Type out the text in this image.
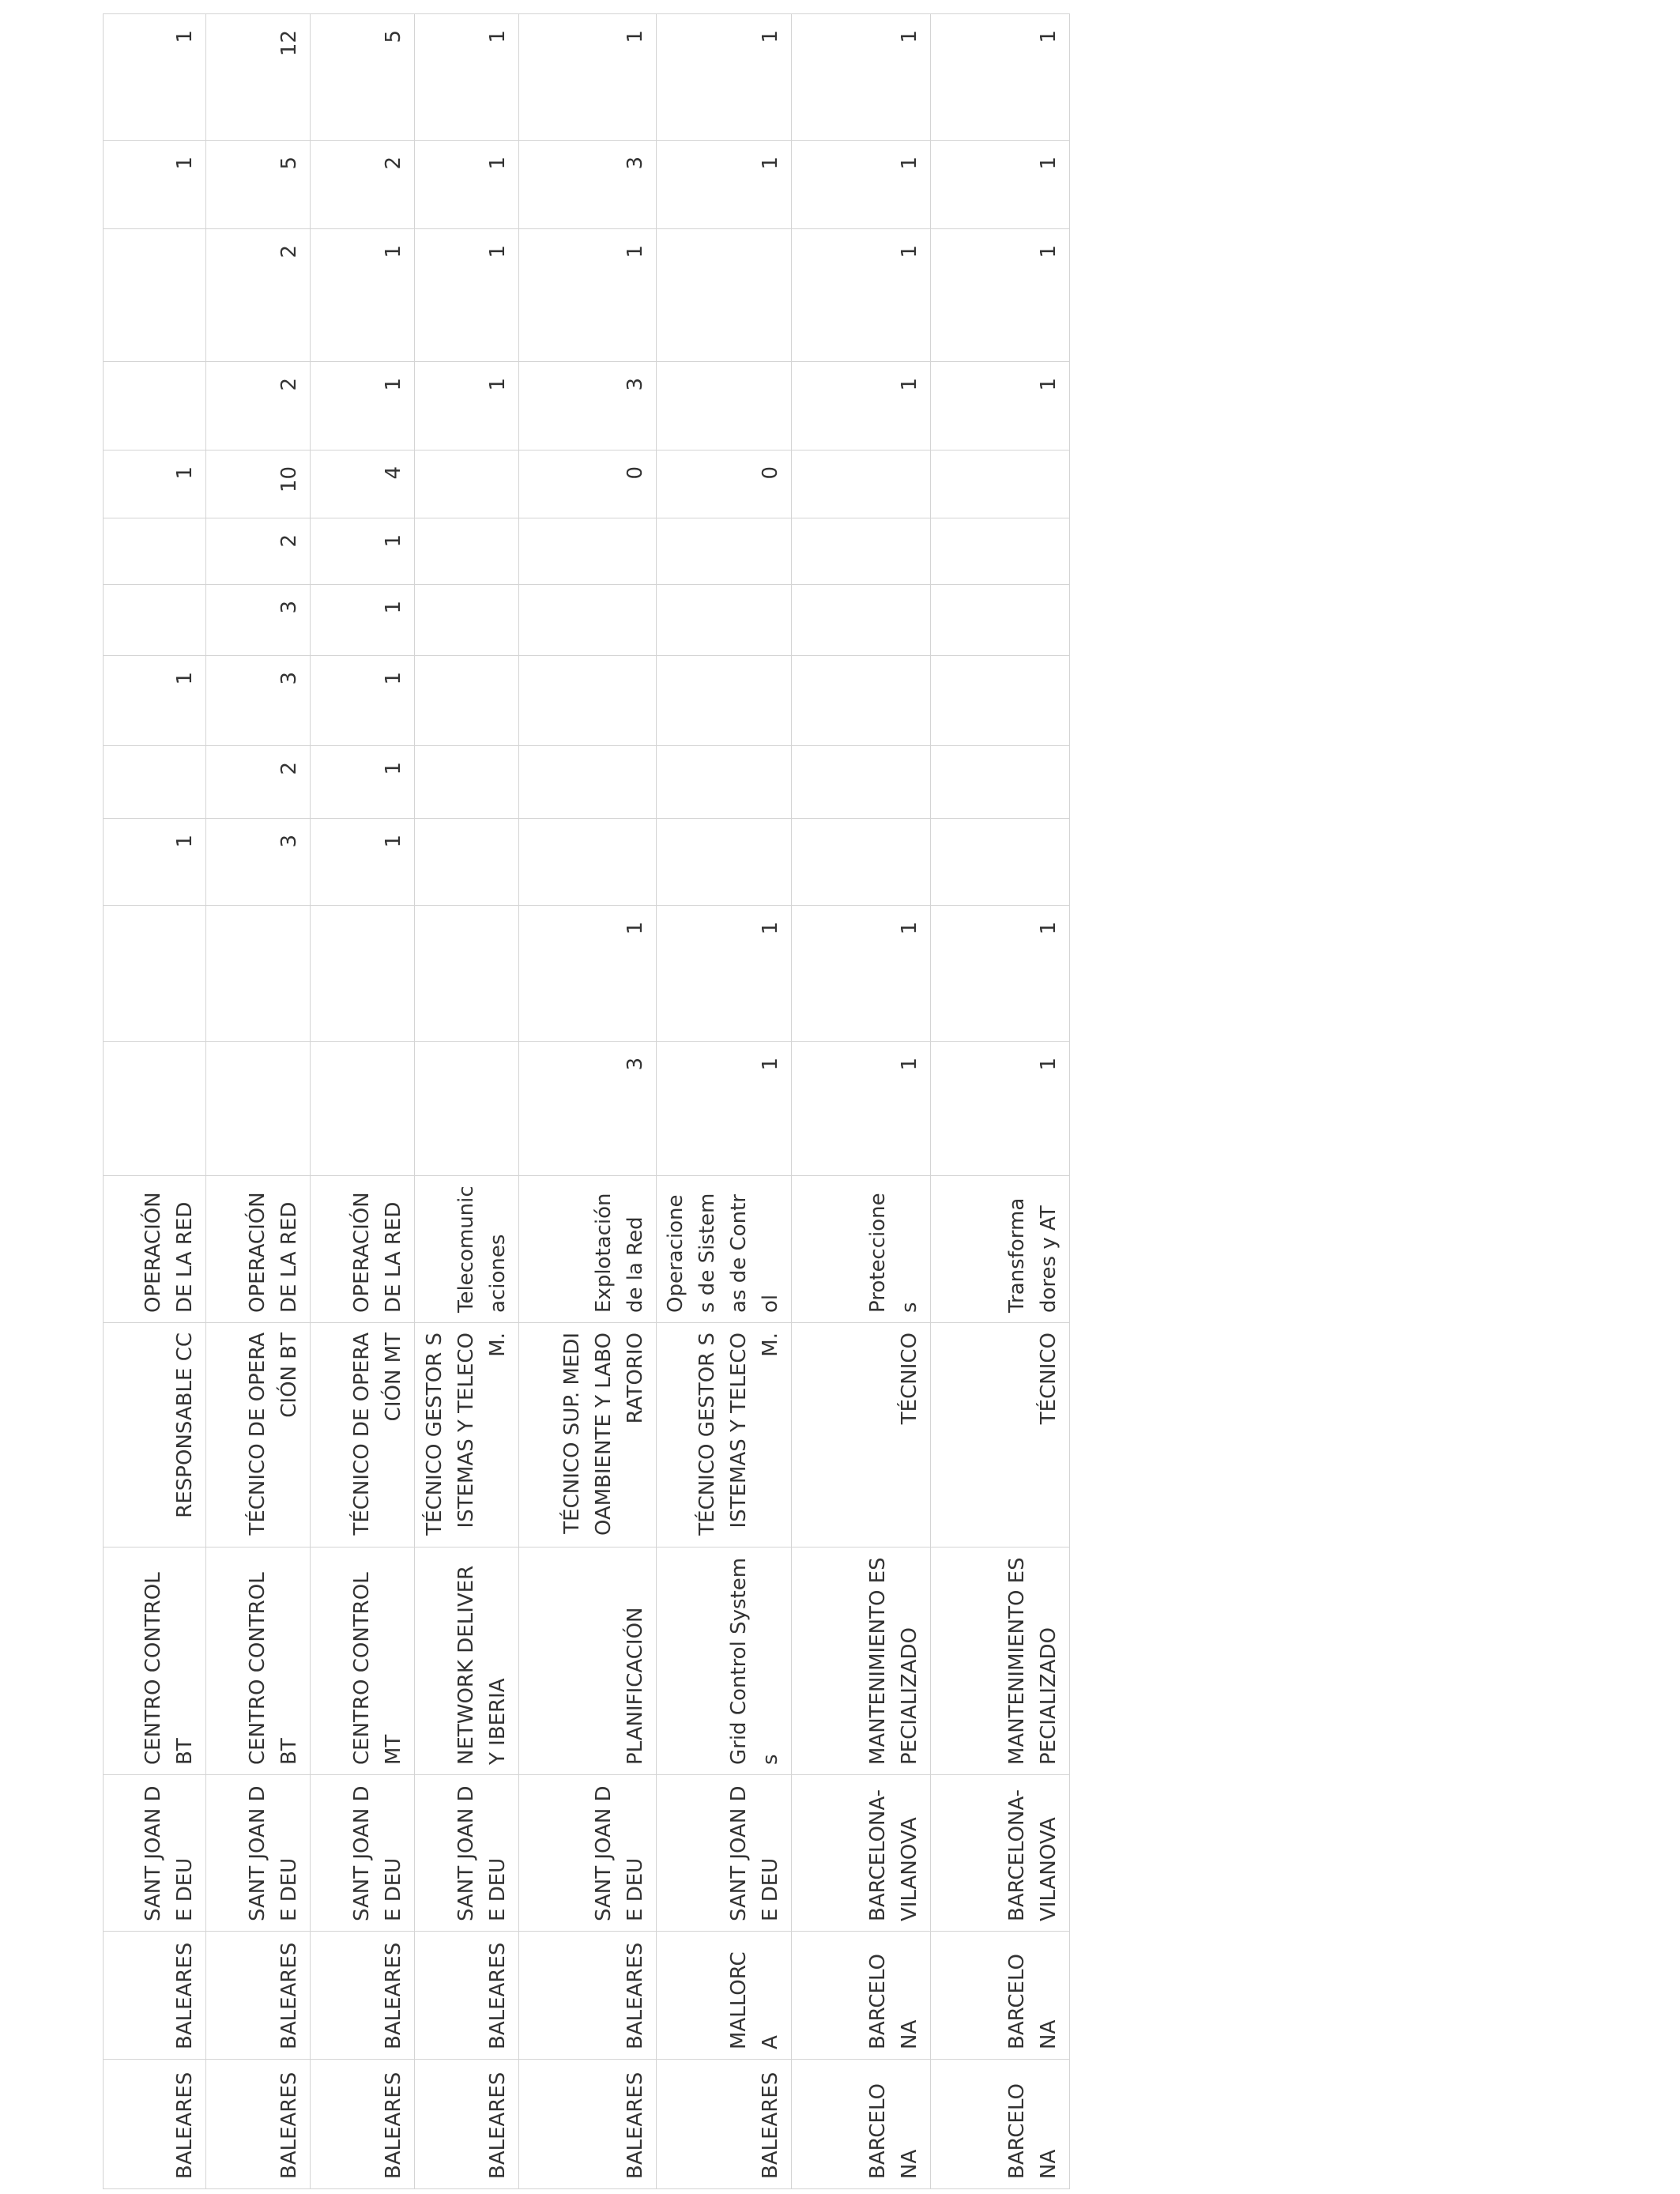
BALEARES	BALEARES	SANT JOAN DE DEU	CENTRO CONTROL BT	RESPONSABLE CC	OPERACIÓN DE LA RED			1		1			1			1	1
BALEARES	BALEARES	SANT JOAN DE DEU	CENTRO CONTROL BT	TÉCNICO DE OPERACIÓN BT	OPERACIÓN DE LA RED			3	2	3	3	2	10	2	2	5	12
BALEARES	BALEARES	SANT JOAN DE DEU	CENTRO CONTROL MT	TÉCNICO DE OPERACIÓN MT	OPERACIÓN DE LA RED			1	1	1	1	1	4	1	1	2	5
BALEARES	BALEARES	SANT JOAN DE DEU	NETWORK DELIVERY IBERIA	TÉCNICO GESTOR SISTEMAS Y TELECOM.	Telecomunicaciones									1	1	1	1
BALEARES	BALEARES	SANT JOAN DE DEU	PLANIFICACIÓN	TÉCNICO SUP. MEDIOAMBIENTE Y LABORATORIO	Explotación de la Red	3	1						0	3	1	3	1
BALEARES	MALLORCA	SANT JOAN DE DEU	Grid Control Systems	TÉCNICO GESTOR SISTEMAS Y TELECOM.	Operaciones de Sistemas de Control	1	1						0			1	1
BARCELONA	BARCELONA	BARCELONA-VILANOVA	MANTENIMIENTO ESPECIALIZADO	TÉCNICO	Protecciones	1	1							1	1	1	1
BARCELONA	BARCELONA	BARCELONA-VILANOVA	MANTENIMIENTO ESPECIALIZADO	TÉCNICO	Transformadores y AT	1	1							1	1	1	1
